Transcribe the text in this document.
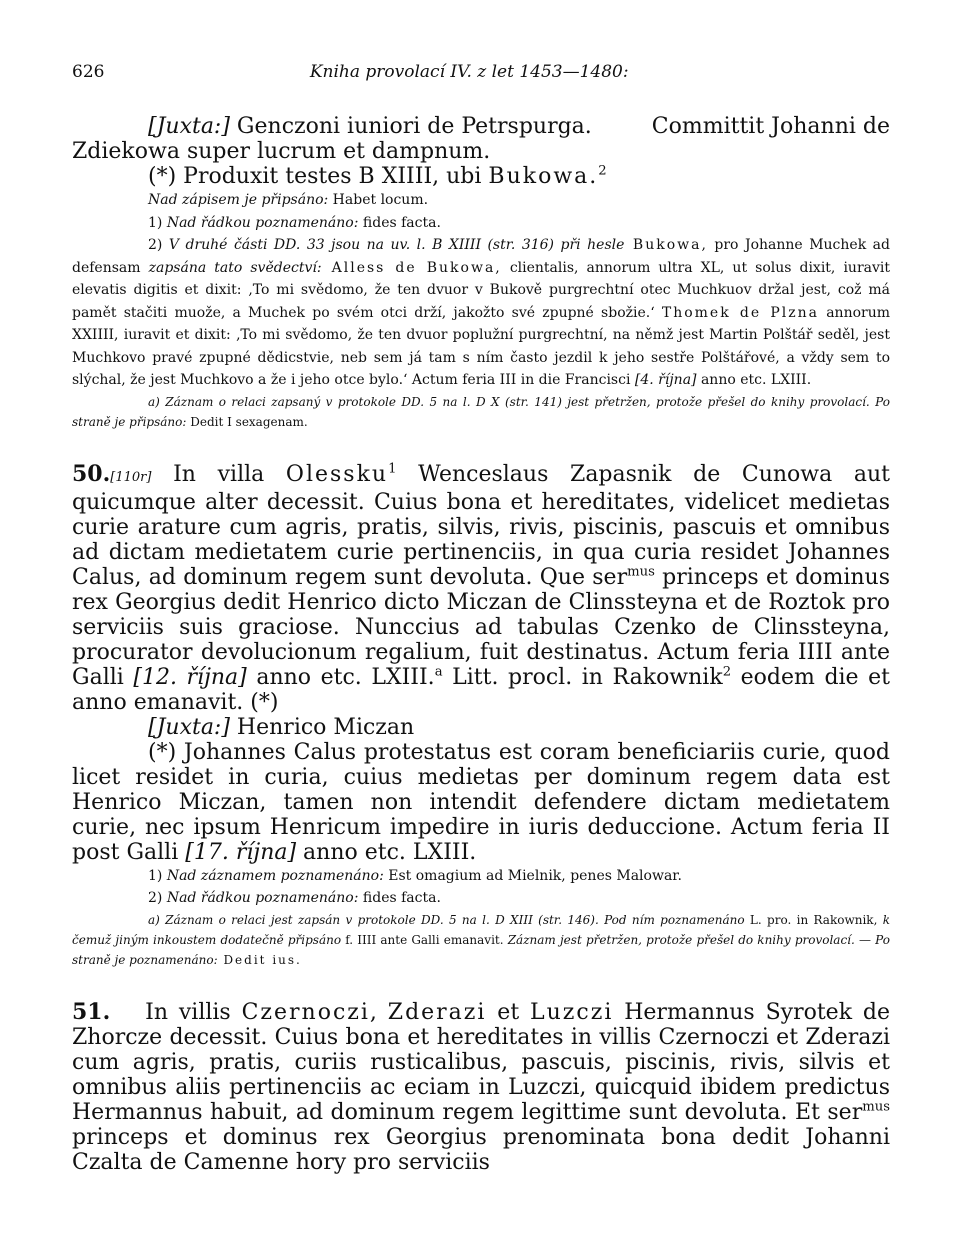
626	Kniha provolací IV. z let 1453—1480:

[Juxta:] Genczoni iuniori de Petrspurga.	Committit Johanni de

Zdiekowa super lucrum et dampnum.

(*) Produxit testes B XIIII, ubi Bukowa.$^2$

Nad zápisem je připsáno: Habet locum.

1) Nad řádkou poznamenáno: fides facta.

2) V druhé části DD. 33 jsou na uv. l. B XIIII (str. 316) při hesle Bukowa, pro Johanne Muchek ad defensam zapsána tato svědectví: Alless de Bukowa, clientalis, annorum ultra XL, ut solus dixit, iuravit elevatis digitis et dixit: ‚To mi svědomo, že ten dvuor v Bukově purgrechtní otec Muchkuov držal jest, což má pamět stačiti muože, a Muchek po svém otci drží, jakožto své zpupné sbožie.‘ Thomek de Plzna annorum XXIIII, iuravit et dixit: ‚To mi svědomo, že ten dvuor poplužní purgrechtní, na němž jest Martin Polštář seděl, jest Muchkovo pravé zpupné dědicstvie, neb sem já tam s ním často jezdil k jeho sestře Polštářové, a vždy sem to slýchal, že jest Muchkovo a že i jeho otce bylo.‘ Actum feria III in die Francisci [4. října] anno etc. LXIII.

a) Záznam o relaci zapsaný v protokole DD. 5 na l. D X (str. 141) jest přetržen, protože přešel do knihy provolací. Po straně je připsáno: Dedit I sexagenam.

50.[110r] In villa Olessku$^1$ Wenceslaus Zapasnik de Cunowa aut quicumque alter decessit. Cuius bona et hereditates, videlicet medietas curie arature cum agris, pratis, silvis, rivis, piscinis, pascuis et omnibus ad dictam medietatem curie pertinenciis, in qua curia residet Johannes Calus, ad dominum regem sunt devoluta. Que ser$^{mus}$ princeps et dominus rex Georgius dedit Henrico dicto Miczan de Clinssteyna et de Roztok pro serviciis suis graciose. Nunccius ad tabulas Czenko de Clinssteyna, procurator devolucionum regalium, fuit destinatus. Actum feria IIII ante Galli [12. října] anno etc. LXIII.$^a$ Litt. procl. in Rakownik$^2$ eodem die et anno emanavit. (*)

[Juxta:] Henrico Miczan

(*) Johannes Calus protestatus est coram beneficiariis curie, quod licet residet in curia, cuius medietas per dominum regem data est Henrico Miczan, tamen non intendit defendere dictam medietatem curie, nec ipsum Henricum impedire in iuris deduccione. Actum feria II post Galli [17. října] anno etc. LXIII.

1) Nad záznamem poznamenáno: Est omagium ad Mielnik, penes Malowar.

2) Nad řádkou poznamenáno: fides facta.

a) Záznam o relaci jest zapsán v protokole DD. 5 na l. D XIII (str. 146). Pod ním poznamenáno L. pro. in Rakownik, k čemuž jiným inkoustem dodatečně připsáno f. IIII ante Galli emanavit. Záznam jest přetržen, protože přešel do knihy provolací. — Po straně je poznamenáno: Dedit ius.

51. In villis Czernoczi, Zderazi et Luzczi Hermannus Syrotek de Zhorcze decessit. Cuius bona et hereditates in villis Czernoczi et Zderazi cum agris, pratis, curiis rusticalibus, pascuis, piscinis, rivis, silvis et omnibus aliis pertinenciis ac eciam in Luzczi, quicquid ibidem predictus Hermannus habuit, ad dominum regem legittime sunt devoluta. Et ser$^{mus}$ princeps et dominus rex Georgius prenominata bona dedit Johanni Czalta de Camenne hory pro serviciis
